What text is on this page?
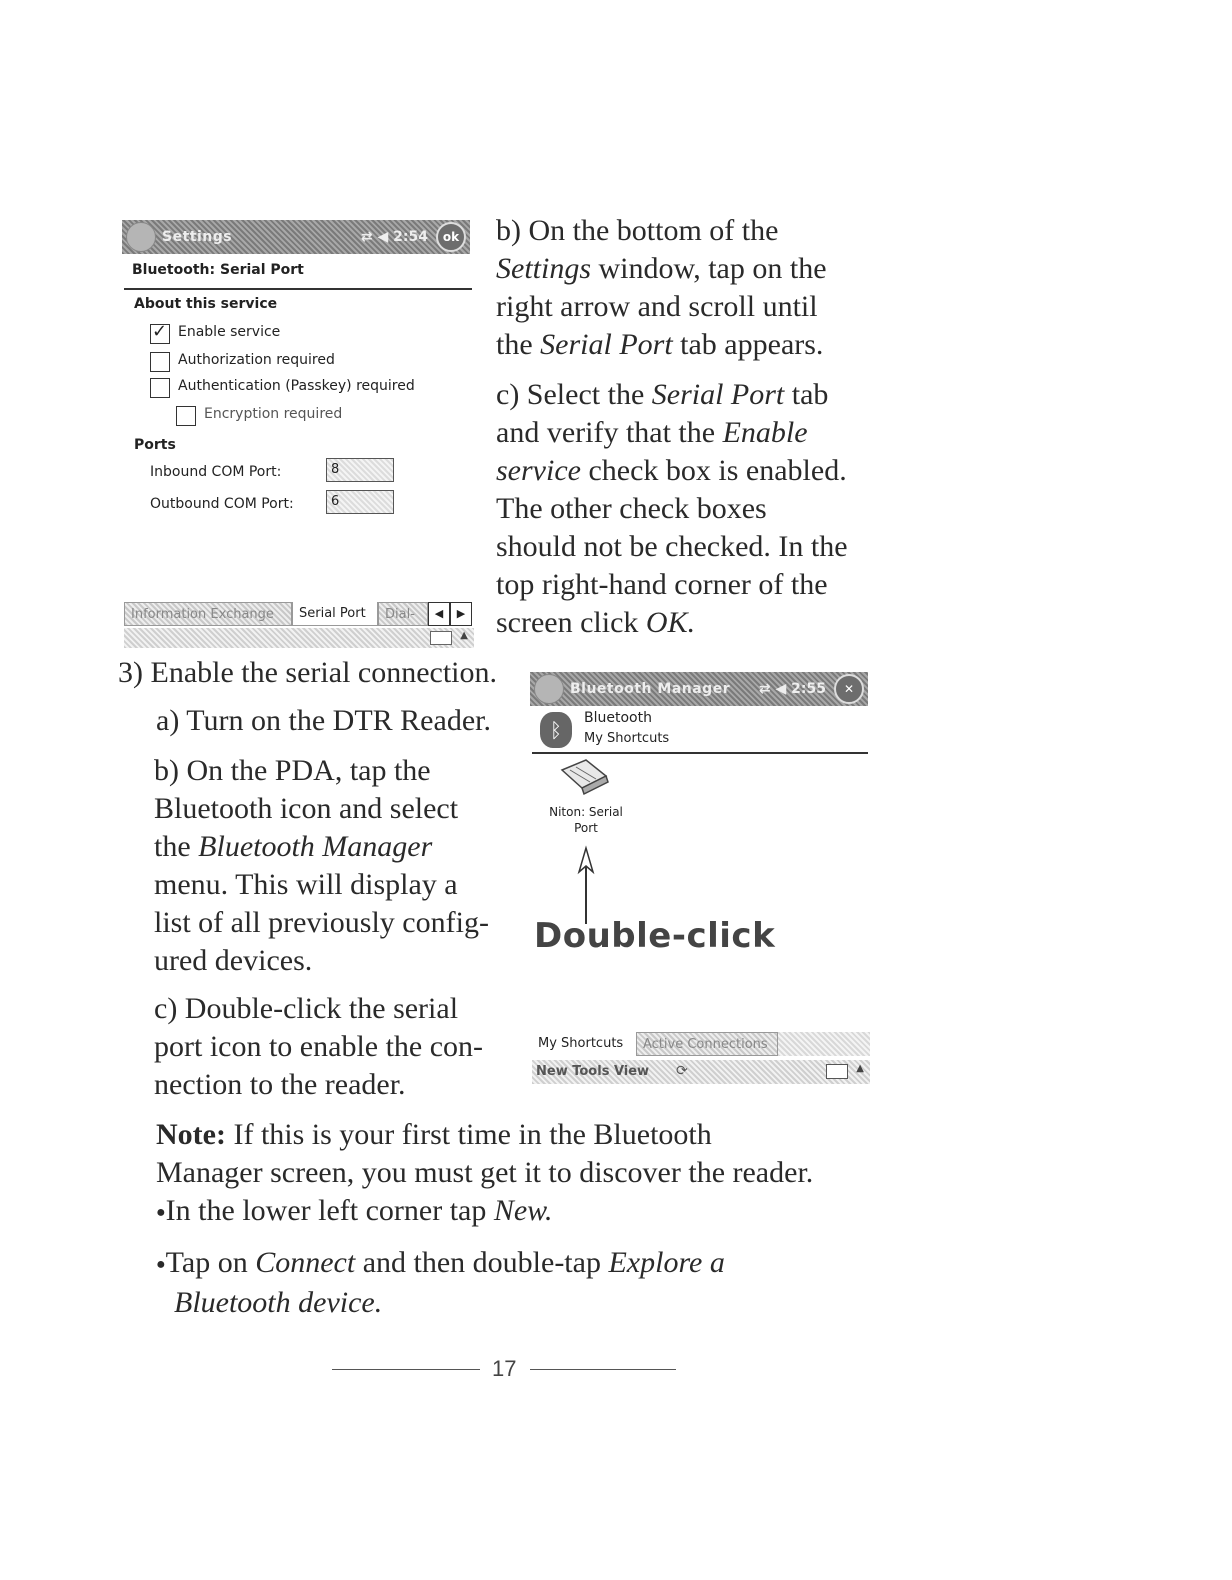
Settings	⇄ ◀ 2:54	ok
Bluetooth: Serial Port
About this service
✓
Enable service
Authorization required
Authentication (Passkey) required
Encryption required
Ports
Inbound COM Port:	8
Outbound COM Port:	6
Information Exchange	Serial Port	Dial-	◀	▶
▲

b) On the bottom of the

Settings window, tap on the

right arrow and scroll until

the Serial Port tab appears.

c) Select the Serial Port tab

and verify that the Enable

service check box is enabled.

The other check boxes

should not be checked. In the

top right-hand corner of the

screen click OK.

3) Enable the serial connection.

a) Turn on the DTR Reader.

b) On the PDA, tap the

Bluetooth icon and select

the Bluetooth Manager

menu. This will display a

list of all previously config-

ured devices.

c) Double-click the serial

port icon to enable the con-

nection to the reader.

Bluetooth Manager ⇄ ◀ 2:55	✕
ᛒ	Bluetooth
My Shortcuts
Niton: Serial
Port
Double-click
My Shortcuts	Active Connections
New Tools View ⟳	▲

Note: If this is your first time in the Bluetooth

Manager screen, you must get it to discover the reader.

●In the lower left corner tap New.

●Tap on Connect and then double-tap Explore a

Bluetooth device.

17
